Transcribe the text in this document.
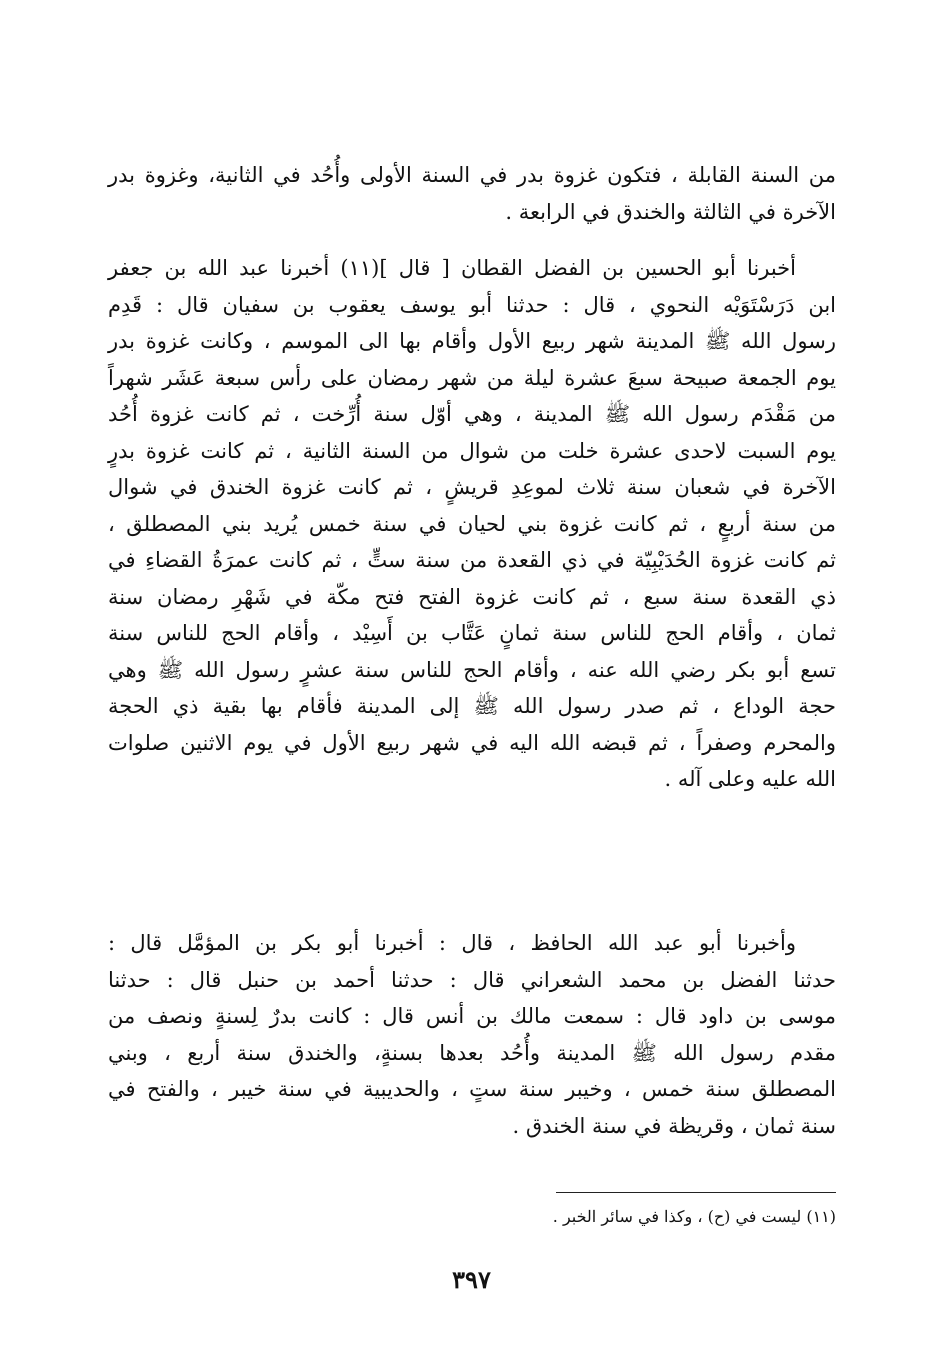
من السنة القابلة ، فتكون غزوة بدر في السنة الأولى وأُحُد في الثانية، وغزوة بدر
الآخرة في الثالثة والخندق في الرابعة .
أخبرنا أبو الحسين بن الفضل القطان [ قال ](١١) أخبرنا عبد الله بن جعفر
ابن دَرَسْتَوَيْه النحوي ، قال : حدثنا أبو يوسف يعقوب بن سفيان قال : قَدِم
رسول الله ﷺ المدينة شهر ربيع الأول وأقام بها الى الموسم ، وكانت غزوة بدر
يوم الجمعة صبيحة سبعَ عشرة ليلة من شهر رمضان على رأس سبعة عَشَر شهراً
من مَقْدَم رسول الله ﷺ المدينة ، وهي أوّل سنة أُرِّخت ، ثم كانت غزوة أُحُد
يوم السبت لاحدى عشرة خلت من شوال من السنة الثانية ، ثم كانت غزوة بدرٍ
الآخرة في شعبان سنة ثلاث لموعِدِ قريشٍ ، ثم كانت غزوة الخندق في شوال
من سنة أربعٍ ، ثم كانت غزوة بني لحيان في سنة خمس يُريد بني المصطلق ،
ثم كانت غزوة الحُدَيْبِيّة في ذي القعدة من سنة ستٍّ ، ثم كانت عمرَةُ القضاءِ في
ذي القعدة سنة سبع ، ثم كانت غزوة الفتح فتح مكّة في شَهْرِ رمضان سنة
ثمان ، وأقام الحج للناس سنة ثمانٍ عَتَّاب بن أَسِيْد ، وأقام الحج للناس سنة
تسع أبو بكر رضي الله عنه ، وأقام الحج للناس سنة عشرٍ رسول الله ﷺ وهي
حجة الوداع ، ثم صدر رسول الله ﷺ إلى المدينة فأقام بها بقية ذي الحجة
والمحرم وصفراً ، ثم قبضه الله اليه في شهر ربيع الأول في يوم الاثنين صلوات
الله عليه وعلى آله .
وأخبرنا أبو عبد الله الحافظ ، قال : أخبرنا أبو بكر بن المؤمَّل قال :
حدثنا الفضل بن محمد الشعراني قال : حدثنا أحمد بن حنبل قال : حدثنا
موسى بن داود قال : سمعت مالك بن أنس قال : كانت بدرٌ لِسنةٍ ونصف من
مقدم رسول الله ﷺ المدينة وأُحُد بعدها بسنةٍ، والخندق سنة أربع ، وبني
المصطلق سنة خمس ، وخيبر سنة ستٍ ، والحديبية في سنة خيبر ، والفتح في
سنة ثمان ، وقريظة في سنة الخندق .
(١١) ليست في (ح) ، وكذا في سائر الخبر .
٣٩٧
